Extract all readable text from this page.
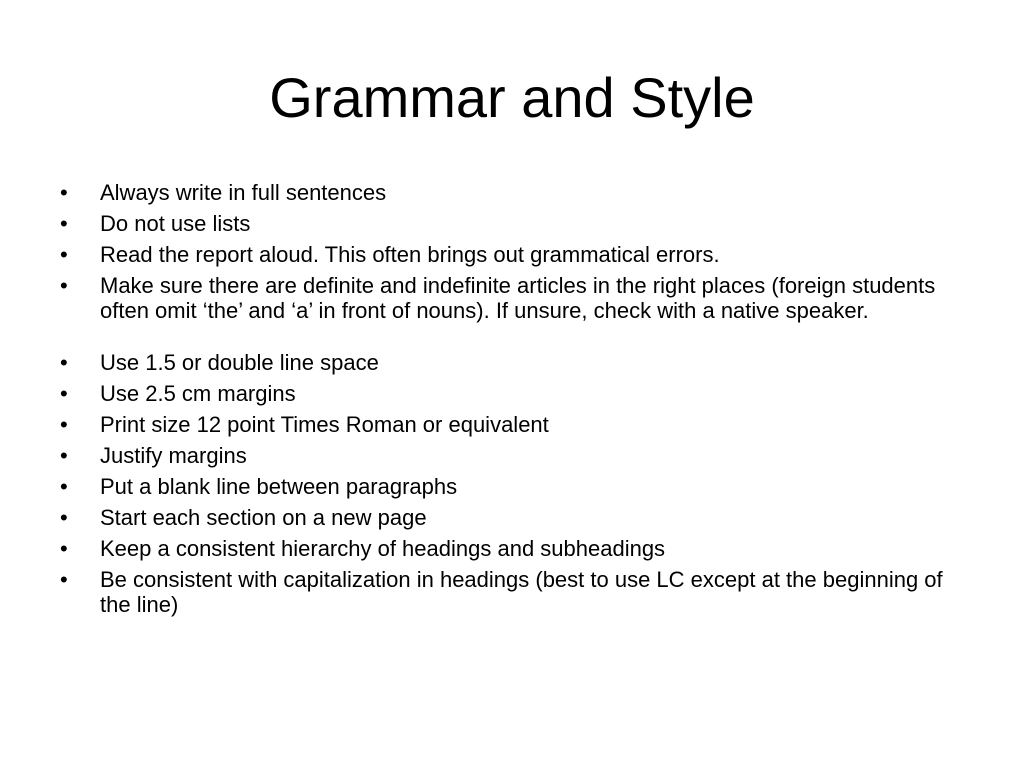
Grammar and Style
•	Always write in full sentences
•	Do not use lists
•	Read the report aloud. This often brings out grammatical errors.
•	Make sure there are definite and indefinite articles in the right places (foreign students often omit ‘the’ and ‘a’ in front of nouns). If unsure, check with a native speaker.
•	Use 1.5 or double line space
•	Use 2.5 cm margins
•	Print size 12 point Times Roman or equivalent
•	Justify margins
•	Put a blank line between paragraphs
•	Start each section on a new page
•	Keep a consistent hierarchy of headings and subheadings
•	Be consistent with capitalization in headings (best to use LC except at the beginning of the line)
